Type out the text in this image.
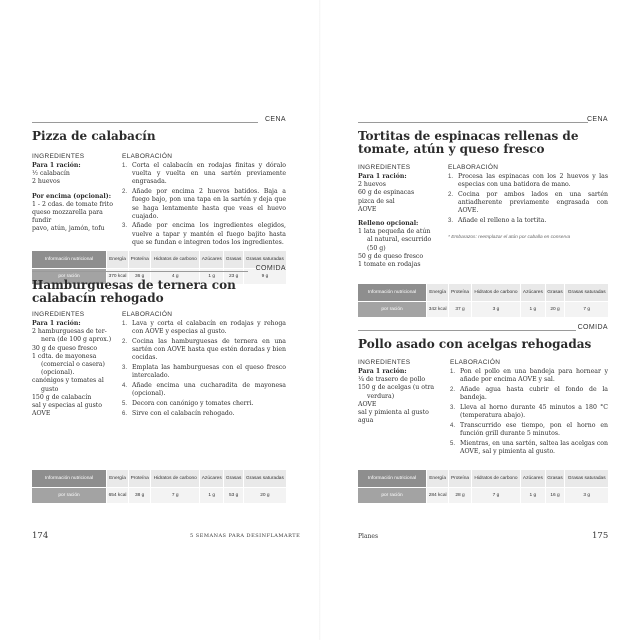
CENA
Pizza de calabacín
INGREDIENTES
Para 1 ración:
½ calabacín
2 huevos
Por encima (opcional):
1 - 2 cdas. de tomate frito
queso mozzarella para
fundir
pavo, atún, jamón, tofu
ELABORACIÓN
1. Corta el calabacín en rodajas finitas y dóralo vuelta y vuelta en una sartén previamente engrasada.
2. Añade por encima 2 huevos batidos. Baja a fuego bajo, pon una tapa en la sartén y deja que se haga lentamente hasta que veas el huevo cuajado.
3. Añade por encima los ingredientes elegidos, vuelve a tapar y mantén el fuego bajito hasta que se fundan e integren todos los ingredientes.
Información nutricional	Energía	Proteína	Hidratos de carbono	Azúcares	Grasas	Grasas saturadas
por ración	370 kcal	36 g	4 g	1 g	23 g	9 g
COMIDA
Hamburguesas de ternera con calabacín rehogado
INGREDIENTES
Para 1 ración:
2 hamburguesas de ter-
nera (de 100 g aprox.)
30 g de queso fresco
1 cdta. de mayonesa
(comercial o casera)
(opcional).
canónigos y tomates al
gusto
150 g de calabacín
sal y especias al gusto
AOVE
ELABORACIÓN
1. Lava y corta el calabacín en rodajas y rehoga con AOVE y especias al gusto.
2. Cocina las hamburguesas de ternera en una sartén con AOVE hasta que estén doradas y bien cocidas.
3. Emplata las hamburguesas con el queso fresco intercalado.
4. Añade encima una cucharadita de mayonesa (opcional).
5. Decora con canónigo y tomates cherri.
6. Sirve con el calabacín rehogado.
Información nutricional	Energía	Proteína	Hidratos de carbono	Azúcares	Grasas	Grasas saturadas
por ración	654 kcal	38 g	7 g	1 g	53 g	20 g
174	5 SEMANAS PARA DESINFLAMARTE
CENA
Tortitas de espinacas rellenas de tomate, atún y queso fresco
INGREDIENTES
Para 1 ración:
2 huevos
60 g de espinacas
pizca de sal
AOVE
Relleno opcional:
1 lata pequeña de atún
al natural, escurrido
(50 g)
50 g de queso fresco
1 tomate en rodajas
ELABORACIÓN
1. Procesa las espinacas con los 2 huevos y las especias con una batidora de mano.
2. Cocina por ambos lados en una sartén antiadherente previamente engrasada con AOVE.
3. Añade el relleno a la tortita.
* Embarazos: reemplazar el atún por caballa en conserva
Información nutricional	Energía	Proteína	Hidratos de carbono	Azúcares	Grasas	Grasas saturadas
por ración	342 kcal	37 g	3 g	1 g	20 g	7 g
COMIDA
Pollo asado con acelgas rehogadas
INGREDIENTES
Para 1 ración:
¼ de trasero de pollo
150 g de acelgas (u otra
verdura)
AOVE
sal y pimienta al gusto
agua
ELABORACIÓN
1. Pon el pollo en una bandeja para hornear y añade por encima AOVE y sal.
2. Añade agua hasta cubrir el fondo de la bandeja.
3. Lleva al horno durante 45 minutos a 180 °C (temperatura abajo).
4. Transcurrido ese tiempo, pon el horno en función grill durante 5 minutos.
5. Mientras, en una sartén, saltea las acelgas con AOVE, sal y pimienta al gusto.
Información nutricional	Energía	Proteína	Hidratos de carbono	Azúcares	Grasas	Grasas saturadas
por ración	284 kcal	28 g	7 g	1 g	16 g	3 g
Planes	175
